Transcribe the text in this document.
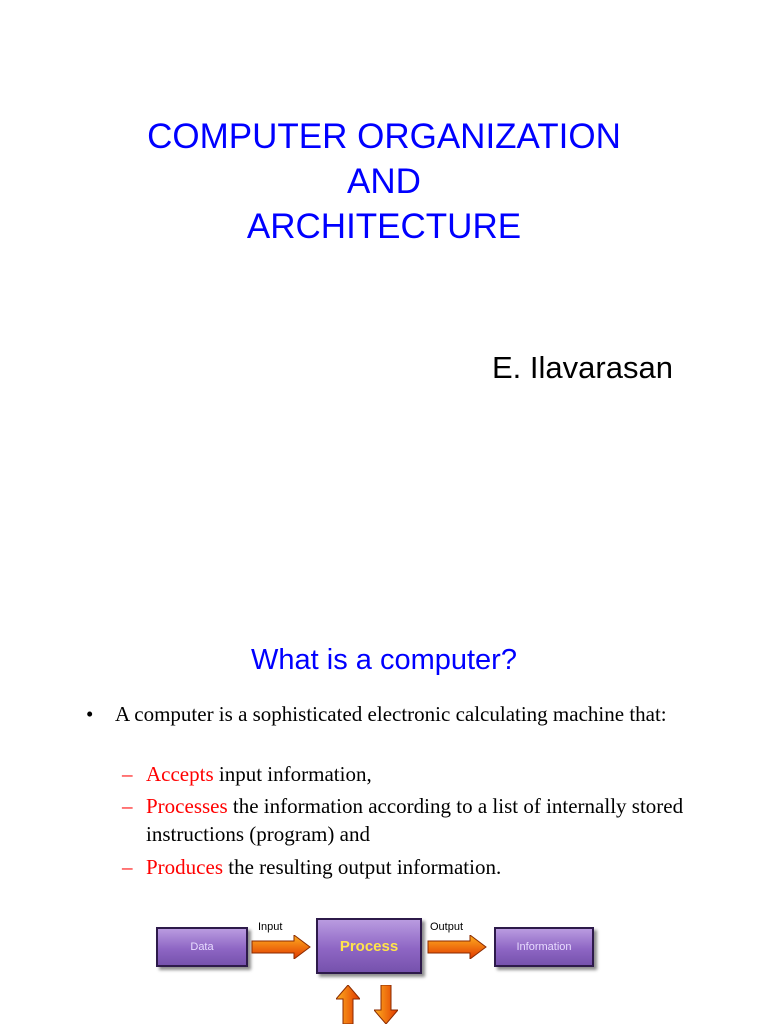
COMPUTER ORGANIZATION
AND
ARCHITECTURE
E. Ilavarasan
What is a computer?
•	A computer is a sophisticated electronic calculating machine that:
– Accepts input information,
– Processes the information according to a list of internally stored instructions (program) and
– Produces the resulting output information.
Data
Input
Process
Output
Information
